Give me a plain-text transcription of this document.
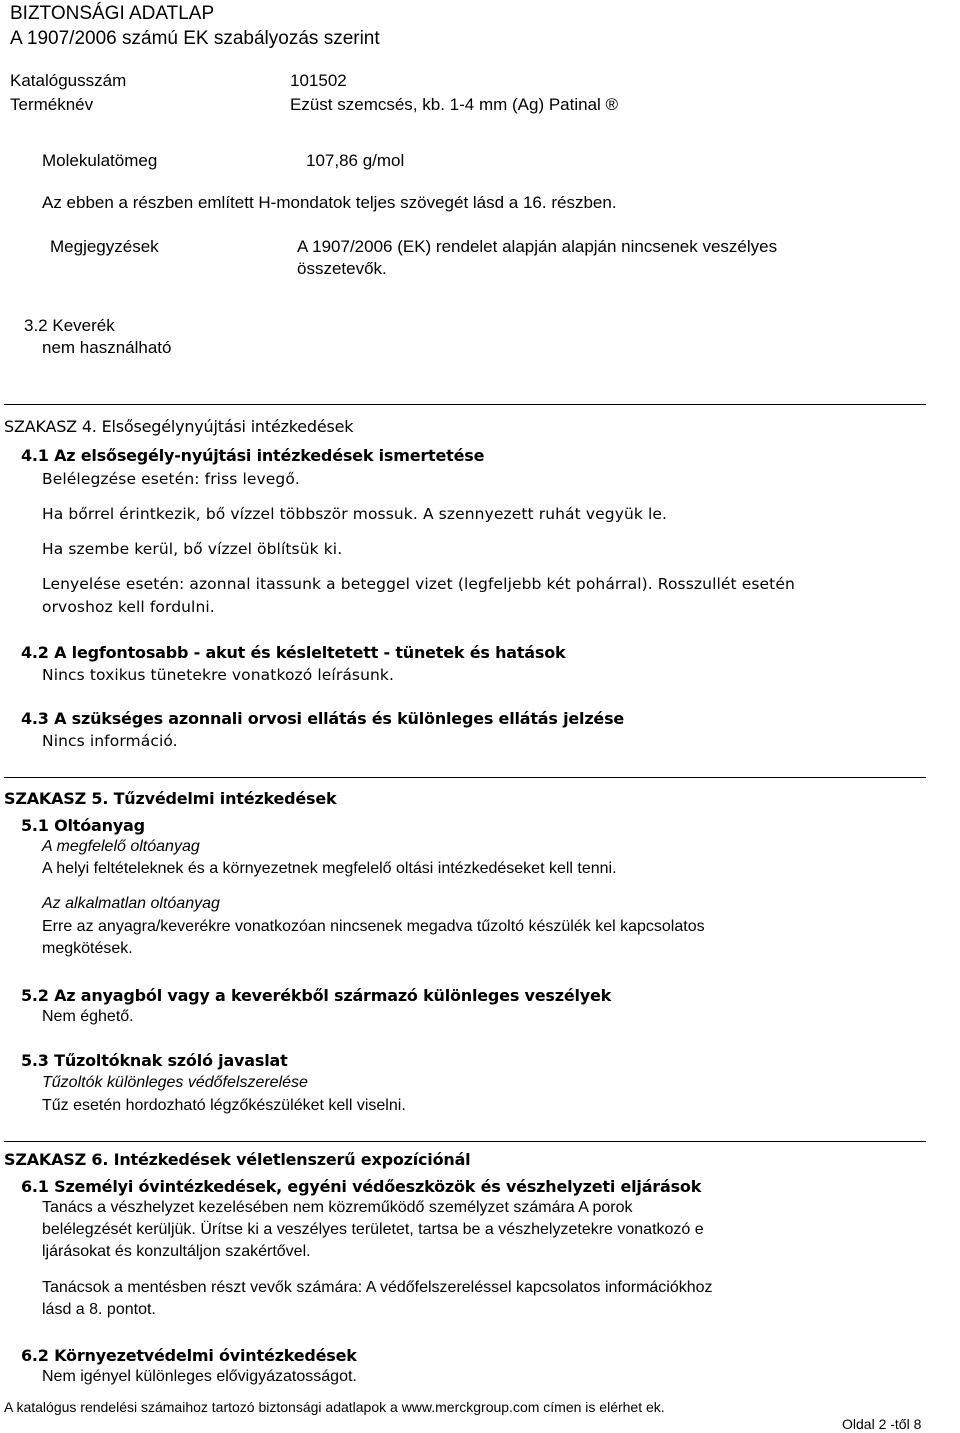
BIZTONSÁGI ADATLAP
A 1907/2006 számú EK szabályozás szerint
Katalógusszám	101502
Terméknév	Ezüst szemcsés, kb. 1-4 mm (Ag) Patinal ®
Molekulatömeg	107,86 g/mol
Az ebben a részben említett H-mondatok teljes szövegét lásd a 16. részben.
Megjegyzések	A 1907/2006 (EK) rendelet alapján alapján nincsenek veszélyes
összetevők.
3.2 Keverék
nem használható
SZAKASZ 4. Elsősegélynyújtási intézkedések
4.1 Az elsősegély-nyújtási intézkedések ismertetése
Belélegzése esetén: friss levegő.
Ha bőrrel érintkezik, bő vízzel többször mossuk. A szennyezett ruhát vegyük le.
Ha szembe kerül, bő vízzel öblítsük ki.
Lenyelése esetén: azonnal itassunk a beteggel vizet (legfeljebb két pohárral). Rosszullét esetén
orvoshoz kell fordulni.
4.2 A legfontosabb - akut és késleltetett - tünetek és hatások
Nincs toxikus tünetekre vonatkozó leírásunk.
4.3 A szükséges azonnali orvosi ellátás és különleges ellátás jelzése
Nincs információ.
SZAKASZ 5. Tűzvédelmi intézkedések
5.1 Oltóanyag
A megfelelő oltóanyag
A helyi feltételeknek és a környezetnek megfelelő oltási intézkedéseket kell tenni.
Az alkalmatlan oltóanyag
Erre az anyagra/keverékre vonatkozóan nincsenek megadva tűzoltó készülék kel kapcsolatos
megkötések.
5.2 Az anyagból vagy a keverékből származó különleges veszélyek
Nem éghető.
5.3 Tűzoltóknak szóló javaslat
Tűzoltók különleges védőfelszerelése
Tűz esetén hordozható légzőkészüléket kell viselni.
SZAKASZ 6. Intézkedések véletlenszerű expozíciónál
6.1 Személyi óvintézkedések, egyéni védőeszközök és vészhelyzeti eljárások
Tanács a vészhelyzet kezelésében nem közreműködő személyzet számára A porok
belélegzését kerüljük. Ürítse ki a veszélyes területet, tartsa be a vészhelyzetekre vonatkozó e
ljárásokat és konzultáljon szakértővel.
Tanácsok a mentésben részt vevők számára: A védőfelszereléssel kapcsolatos információkhoz
lásd a 8. pontot.
6.2 Környezetvédelmi óvintézkedések
Nem igényel különleges elővigyázatosságot.
A katalógus rendelési számaihoz tartozó biztonsági adatlapok a www.merckgroup.com címen is elérhet ek.
Oldal 2 -től 8
